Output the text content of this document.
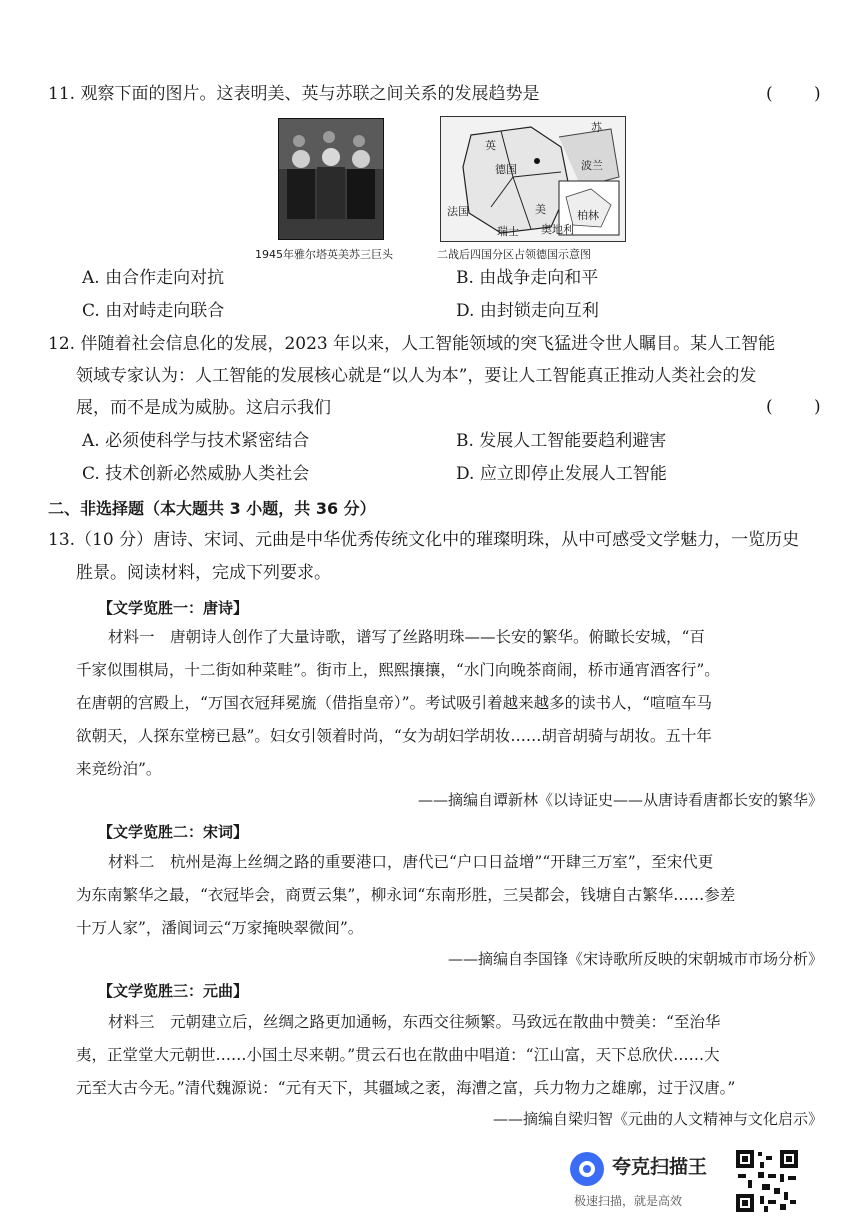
11. 观察下面的图片。这表明美、英与苏联之间关系的发展趋势是	( )
1945年雅尔塔英美苏三巨头
苏
波兰
德国
法国
瑞士
美
英
奥地利
柏林
二战后四国分区占领德国示意图
A. 由合作走向对抗	B. 由战争走向和平
C. 由对峙走向联合	D. 由封锁走向互利
12. 伴随着社会信息化的发展，2023 年以来，人工智能领域的突飞猛进令世人瞩目。某人工智能
领域专家认为：人工智能的发展核心就是“以人为本”，要让人工智能真正推动人类社会的发
展，而不是成为威胁。这启示我们	( )
A. 必须使科学与技术紧密结合	B. 发展人工智能要趋利避害
C. 技术创新必然威胁人类社会	D. 应立即停止发展人工智能
二、非选择题（本大题共 3 小题，共 36 分）
13.（10 分）唐诗、宋词、元曲是中华优秀传统文化中的璀璨明珠，从中可感受文学魅力，一览历史
胜景。阅读材料，完成下列要求。
【文学览胜一：唐诗】
材料一　唐朝诗人创作了大量诗歌，谱写了丝路明珠——长安的繁华。俯瞰长安城，“百
千家似围棋局，十二街如种菜畦”。街市上，熙熙攘攘，“水门向晚茶商闹，桥市通宵酒客行”。
在唐朝的宫殿上，“万国衣冠拜冕旒（借指皇帝）”。考试吸引着越来越多的读书人，“喧喧车马
欲朝天，人探东堂榜已悬”。妇女引领着时尚，“女为胡妇学胡妆……胡音胡骑与胡妆。五十年
来竞纷泊”。
——摘编自谭新林《以诗证史——从唐诗看唐都长安的繁华》
【文学览胜二：宋词】
材料二　杭州是海上丝绸之路的重要港口，唐代已“户口日益增”“开肆三万室”，至宋代更
为东南繁华之最，“衣冠毕会，商贾云集”，柳永词“东南形胜，三吴都会，钱塘自古繁华……参差
十万人家”，潘阆词云“万家掩映翠微间”。
——摘编自李国锋《宋诗歌所反映的宋朝城市市场分析》
【文学览胜三：元曲】
材料三　元朝建立后，丝绸之路更加通畅，东西交往频繁。马致远在散曲中赞美：“至治华
夷，正堂堂大元朝世……小国土尽来朝。”贯云石也在散曲中唱道：“江山富，天下总欣伏……大
元至大古今无。”清代魏源说：“元有天下，其疆域之袤，海漕之富，兵力物力之雄廓，过于汉唐。”
——摘编自梁归智《元曲的人文精神与文化启示》
夸克扫描王
极速扫描，就是高效
